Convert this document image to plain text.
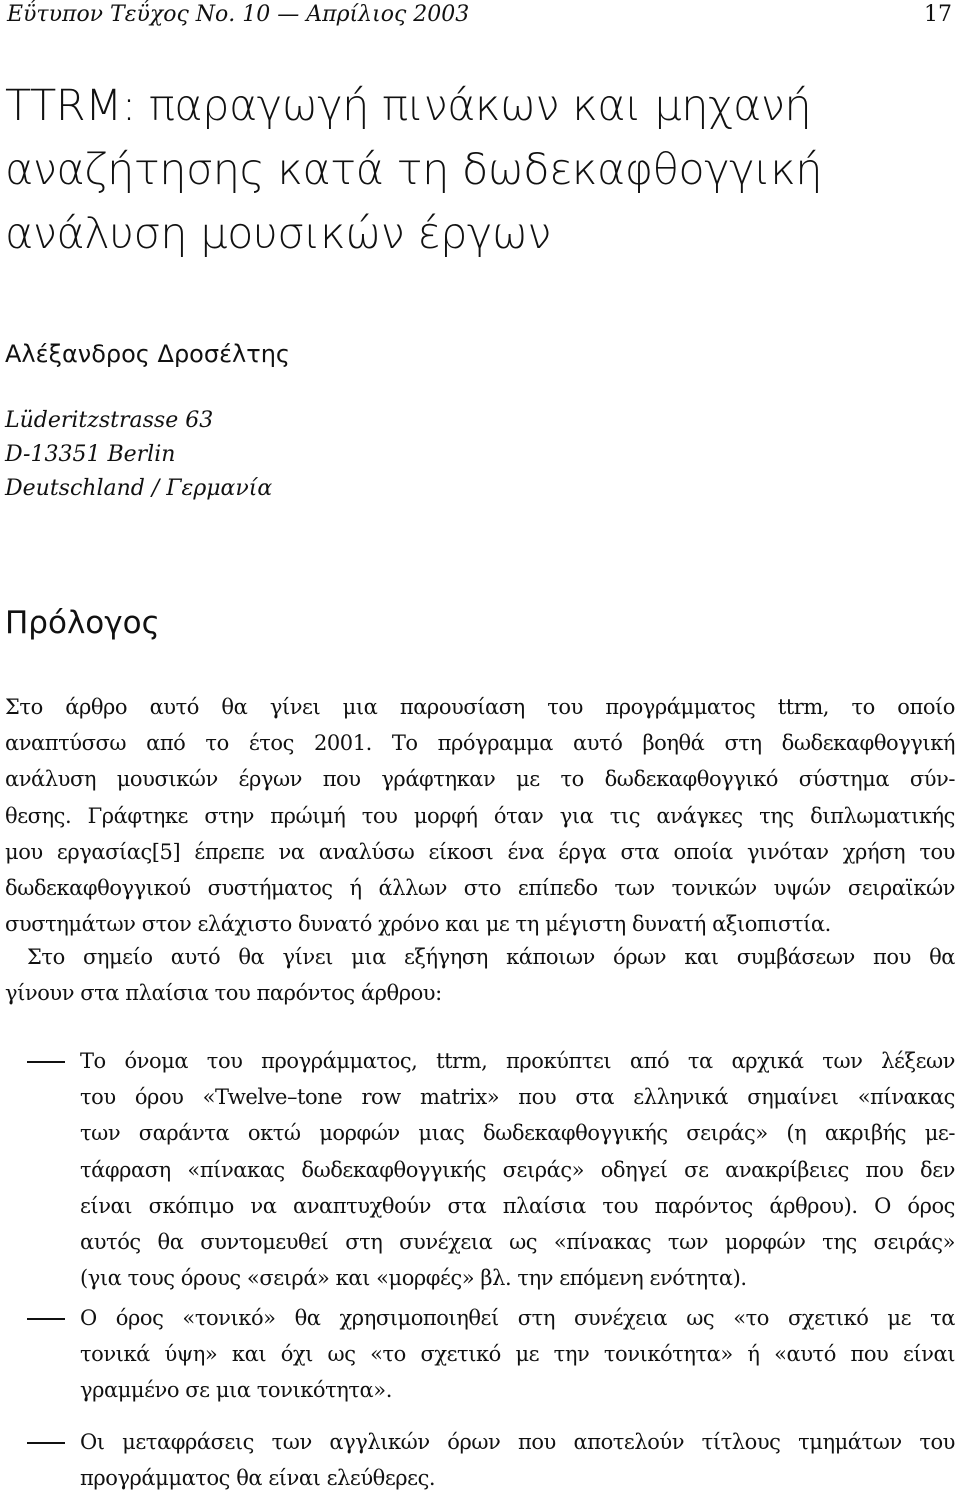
Εΰτυπον Τεΰχος Νο. 10 — Απρίλιος 2003	17
TTRM: παραγωγή πινάκων και μηχανή
αναζήτησης κατά τη δωδεκαφθογγική
ανάλυση μουσικών έργων
Αλέξανδρος Δροσέλτης
Lüderitzstrasse 63
D-13351 Berlin
Deutschland / Γερμανία
Πρόλογος
Στο άρθρο αυτό θα γίνει μια παρουσίαση του προγράμματος ttrm, το οποίο
αναπτύσσω από το έτος 2001. Το πρόγραμμα αυτό βοηθά στη δωδεκαφθογγική
ανάλυση μουσικών έργων που γράφτηκαν με το δωδεκαφθογγικό σύστημα σύν-
θεσης. Γράφτηκε στην πρώιμή του μορφή όταν για τις ανάγκες της διπλωματικής
μου εργασίας[5] έπρεπε να αναλύσω είκοσι ένα έργα στα οποία γινόταν χρήση του
δωδεκαφθογγικού συστήματος ή άλλων στο επίπεδο των τονικών υψών σειραϊκών
συστημάτων στον ελάχιστο δυνατό χρόνο και με τη μέγιστη δυνατή αξιοπιστία.
Στο σημείο αυτό θα γίνει μια εξήγηση κάποιων όρων και συμβάσεων που θα
γίνουν στα πλαίσια του παρόντος άρθρου:
Το όνομα του προγράμματος, ttrm, προκύπτει από τα αρχικά των λέξεων
του όρου «Twelve–tone row matrix» που στα ελληνικά σημαίνει «πίνακας
των σαράντα οκτώ μορφών μιας δωδεκαφθογγικής σειράς» (η ακριβής με-
τάφραση «πίνακας δωδεκαφθογγικής σειράς» οδηγεί σε ανακρίβειες που δεν
είναι σκόπιμο να αναπτυχθούν στα πλαίσια του παρόντος άρθρου). Ο όρος
αυτός θα συντομευθεί στη συνέχεια ως «πίνακας των μορφών της σειράς»
(για τους όρους «σειρά» και «μορφές» βλ. την επόμενη ενότητα).
Ο όρος «τονικό» θα χρησιμοποιηθεί στη συνέχεια ως «το σχετικό με τα
τονικά ύψη» και όχι ως «το σχετικό με την τονικότητα» ή «αυτό που είναι
γραμμένο σε μια τονικότητα».
Οι μεταφράσεις των αγγλικών όρων που αποτελούν τίτλους τμημάτων του
προγράμματος θα είναι ελεύθερες.
